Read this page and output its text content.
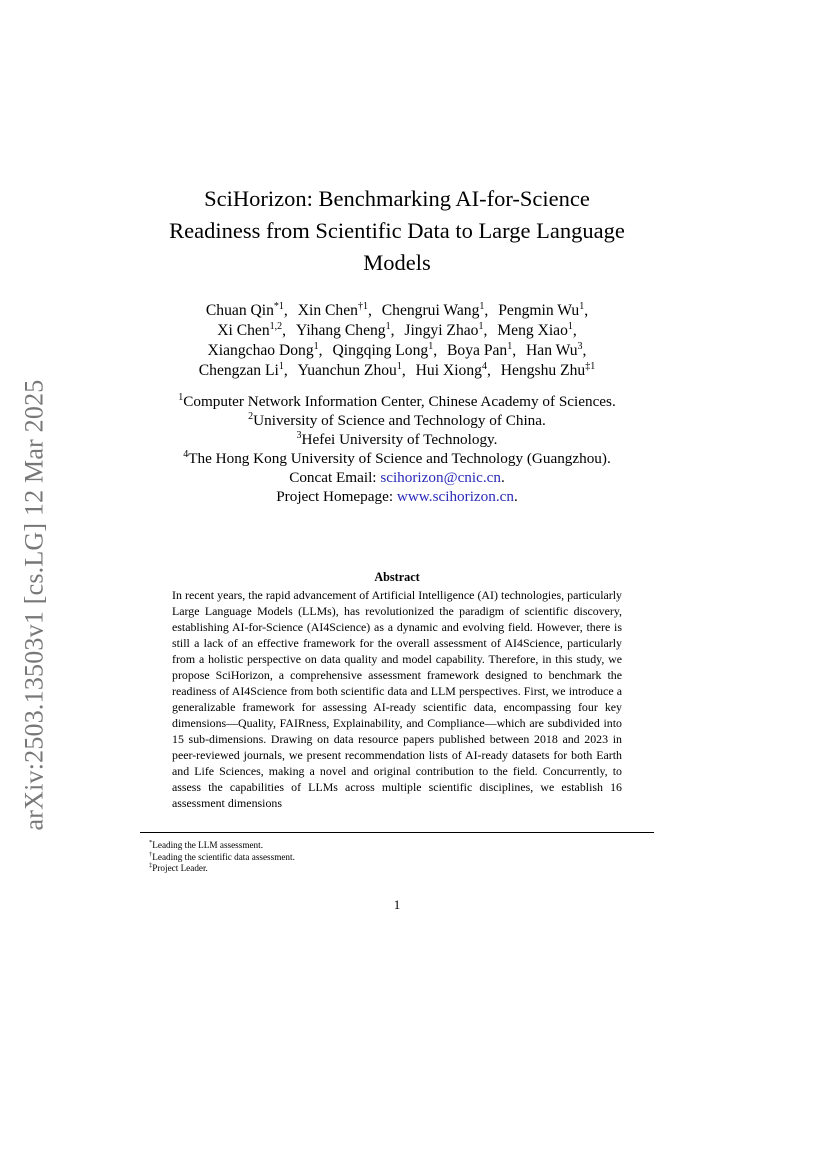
arXiv:2503.13503v1 [cs.LG] 12 Mar 2025
SciHorizon: Benchmarking AI-for-Science
Readiness from Scientific Data to Large Language
Models
Chuan Qin$^{*1}$, Xin Chen$^{\dagger 1}$, Chengrui Wang$^1$, Pengmin Wu$^1$,
Xi Chen$^{1,2}$, Yihang Cheng$^1$, Jingyi Zhao$^1$, Meng Xiao$^1$,
Xiangchao Dong$^1$, Qingqing Long$^1$, Boya Pan$^1$, Han Wu$^3$,
Chengzan Li$^1$, Yuanchun Zhou$^1$, Hui Xiong$^4$, Hengshu Zhu$^{\ddagger 1}$
$^1$Computer Network Information Center, Chinese Academy of Sciences.
$^2$University of Science and Technology of China.
$^3$Hefei University of Technology.
$^4$The Hong Kong University of Science and Technology (Guangzhou).
Concat Email: scihorizon@cnic.cn.
Project Homepage: www.scihorizon.cn.
Abstract

In recent years, the rapid advancement of Artificial Intelligence (AI) technologies, particularly Large Language Models (LLMs), has revolutionized the paradigm of scientific discovery, establishing AI-for-Science (AI4Science) as a dynamic and evolving field. However, there is still a lack of an effective framework for the overall assessment of AI4Science, particularly from a holistic perspective on data quality and model capability. Therefore, in this study, we propose SciHorizon, a comprehensive assessment framework designed to benchmark the readiness of AI4Science from both scientific data and LLM perspectives. First, we introduce a generalizable framework for assessing AI-ready scientific data, encompassing four key dimensions—Quality, FAIRness, Explainability, and Compliance—which are subdivided into 15 sub-dimensions. Drawing on data resource papers published between 2018 and 2023 in peer-reviewed journals, we present recommendation lists of AI-ready datasets for both Earth and Life Sciences, making a novel and original contribution to the field. Concurrently, to assess the capabilities of LLMs across multiple scientific disciplines, we establish 16 assessment dimensions

*Leading the LLM assessment.
†Leading the scientific data assessment.
‡Project Leader.
1
